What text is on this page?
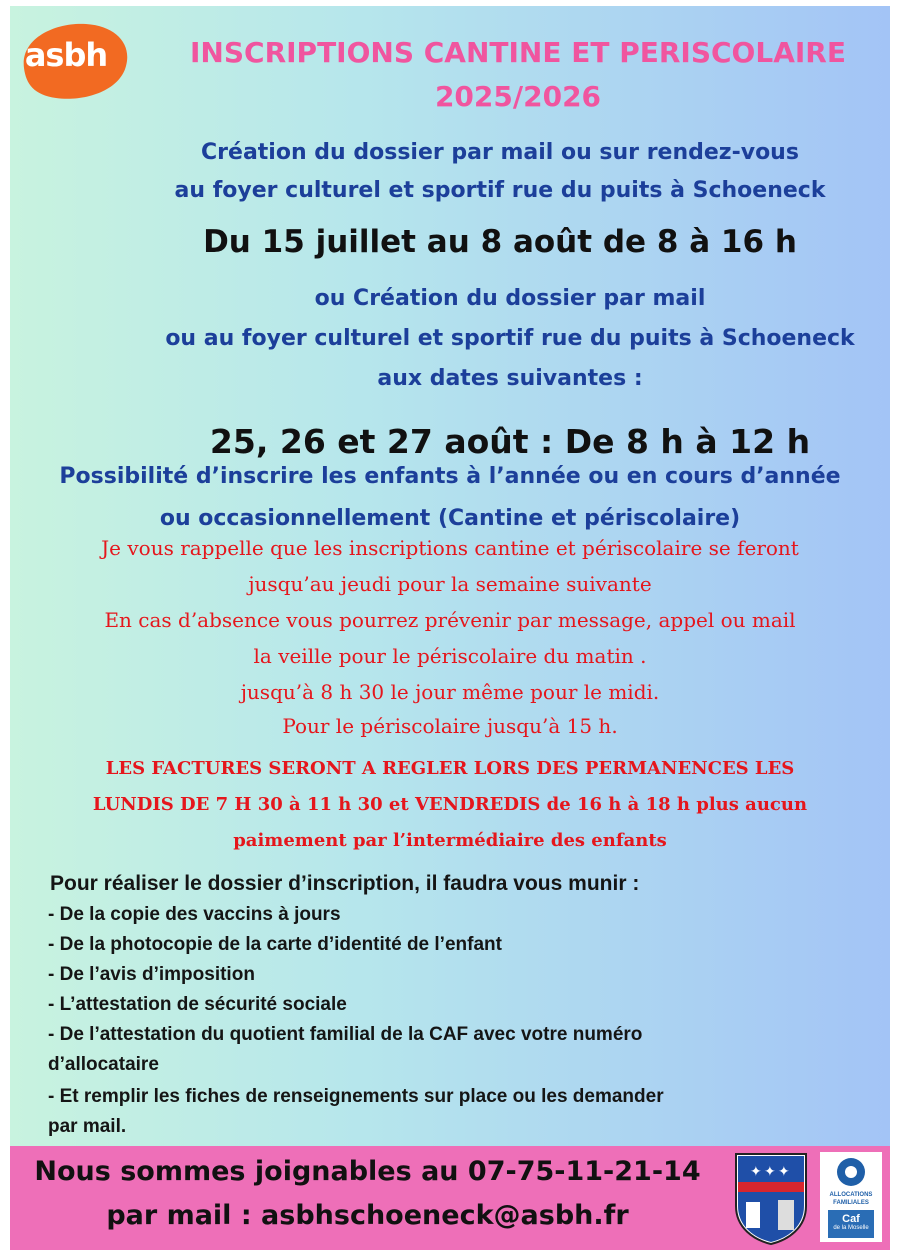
asbh	INSCRIPTIONS CANTINE ET PERISCOLAIRE
2025/2026
Création du dossier par mail ou sur rendez-vous
au foyer culturel et sportif rue du puits à Schoeneck
Du 15 juillet au 8 août de 8 à 16 h
ou Création du dossier par mail
ou au foyer culturel et sportif rue du puits à Schoeneck
aux dates suivantes :
25, 26 et 27 août : De 8 h à 12 h
Possibilité d’inscrire les enfants à l’année ou en cours d’année
ou occasionnellement (Cantine et périscolaire)
Je vous rappelle que les inscriptions cantine et périscolaire se feront
jusqu’au jeudi pour la semaine suivante
En cas d’absence vous pourrez prévenir par message, appel ou mail
la veille pour le périscolaire du matin .
jusqu’à 8 h 30 le jour même pour le midi.
Pour le périscolaire jusqu’à 15 h.
LES FACTURES SERONT A REGLER LORS DES PERMANENCES LES
LUNDIS DE 7 H 30 à 11 h 30 et VENDREDIS de 16 h à 18 h plus aucun
paimement par l’intermédiaire des enfants
Pour réaliser le dossier d’inscription, il faudra vous munir :
- De la copie des vaccins à jours
- De la photocopie de la carte d’identité de l’enfant
- De l’avis d’imposition
- L’attestation de sécurité sociale
- De l’attestation du quotient familial de la CAF avec votre numéro
d’allocataire
- Et remplir les fiches de renseignements sur place ou les demander
par mail.
Nous sommes joignables au 07-75-11-21-14
par mail : asbhschoeneck@asbh.fr
✦ ✦ ✦
ALLOCATIONS
FAMILIALES
Caf
de la Moselle
